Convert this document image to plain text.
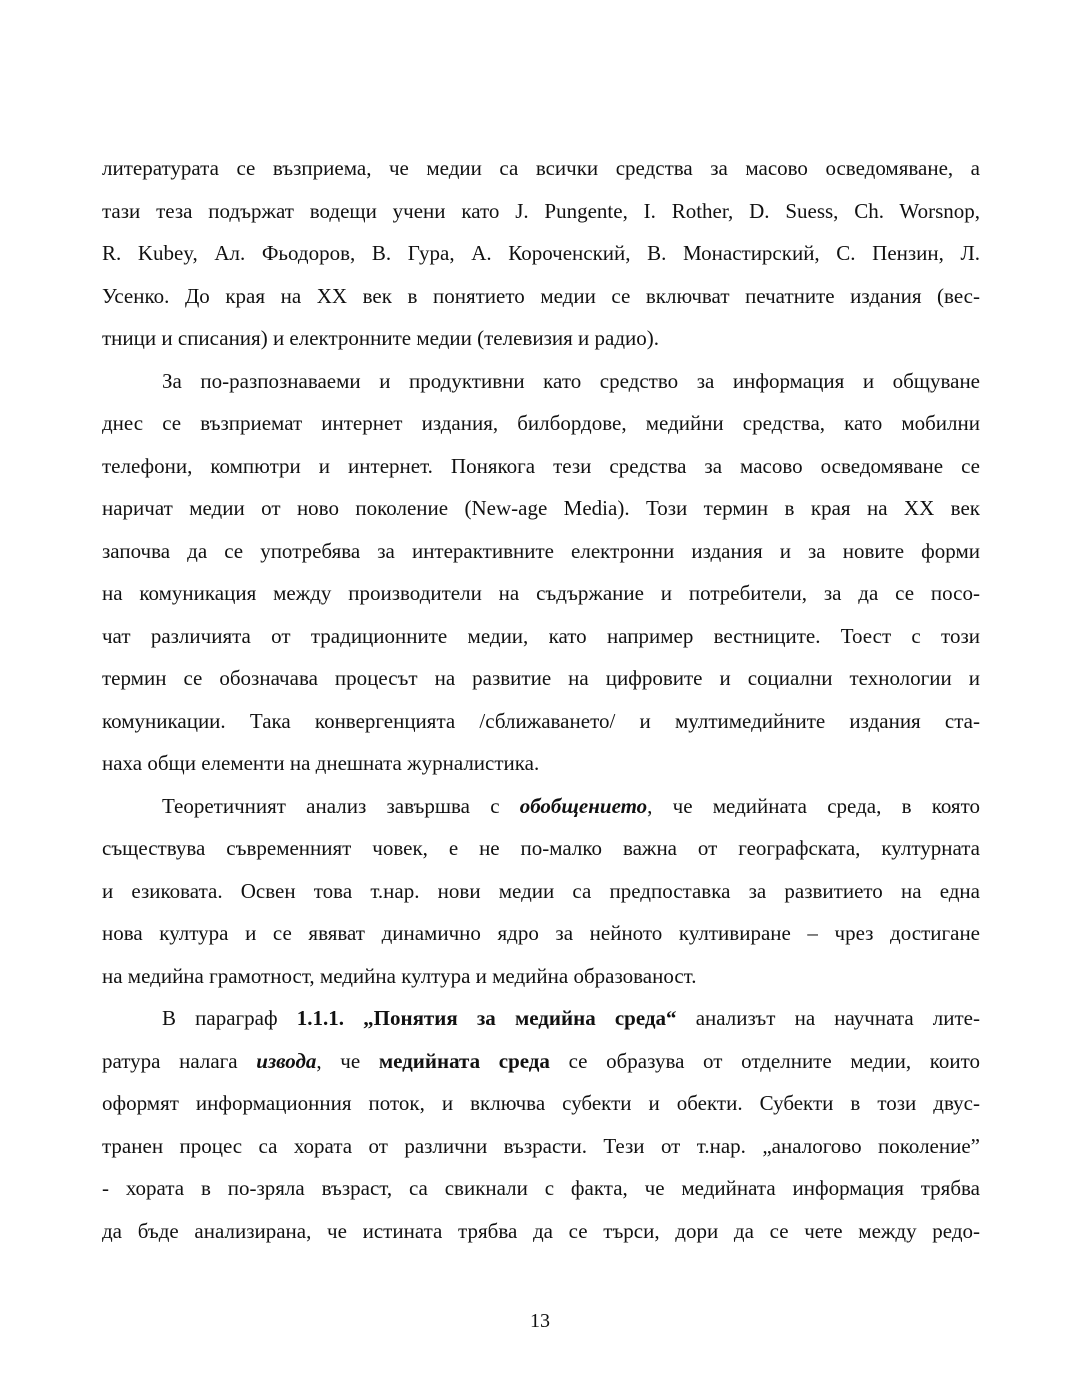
литературата се възприема, че медии са всички средства за масово осведомяване, а
тази теза подържат водещи учени като J. Pungente, I. Rother, D. Suess, Ch. Worsnop,
R. Kubey, Ал. Фьодоров, В. Гура, А. Короченский, В. Монастирский, С. Пензин, Л.
Усенко. До края на ХХ век в понятието медии се включват печатните издания (вес-
тници и списания) и електронните медии (телевизия и радио).
За по-разпознаваеми и продуктивни като средство за информация и общуване
днес се възприемат интернет издания, билбордове, медийни средства, като мобилни
телефони, компютри и интернет. Понякога тези средства за масово осведомяване се
наричат медии от ново поколение (New-age Media). Този термин в края на ХХ век
започва да се употребява за интерактивните електронни издания и за новите форми
на комуникация между производители на съдържание и потребители, за да се посо-
чат различията от традиционните медии, като например вестниците. Тоест с този
термин се обозначава процесът на развитие на цифровите и социални технологии и
комуникации. Така конвергенцията /сближаването/ и мултимедийните издания ста-
наха общи елементи на днешната журналистика.
Теоретичният анализ завършва с обобщението, че медийната среда, в която
съществува съвременният човек, е не по-малко важна от географската, културната
и езиковата. Освен това т.нар. нови медии са предпоставка за развитието на една
нова култура и се явяват динамично ядро за нейното култивиране – чрез достигане
на медийна грамотност, медийна култура и медийна образованост.
В параграф 1.1.1. „Понятия за медийна среда“ анализът на научната лите-
ратура налага извода, че медийната среда се образува от отделните медии, които
оформят информационния поток, и включва субекти и обекти. Субекти в този двус-
транен процес са хората от различни възрасти. Тези от т.нар. „аналогово поколение”
- хората в по-зряла възраст, са свикнали с факта, че медийната информация трябва
да бъде анализирана, че истината трябва да се търси, дори да се чете между редо-
13
